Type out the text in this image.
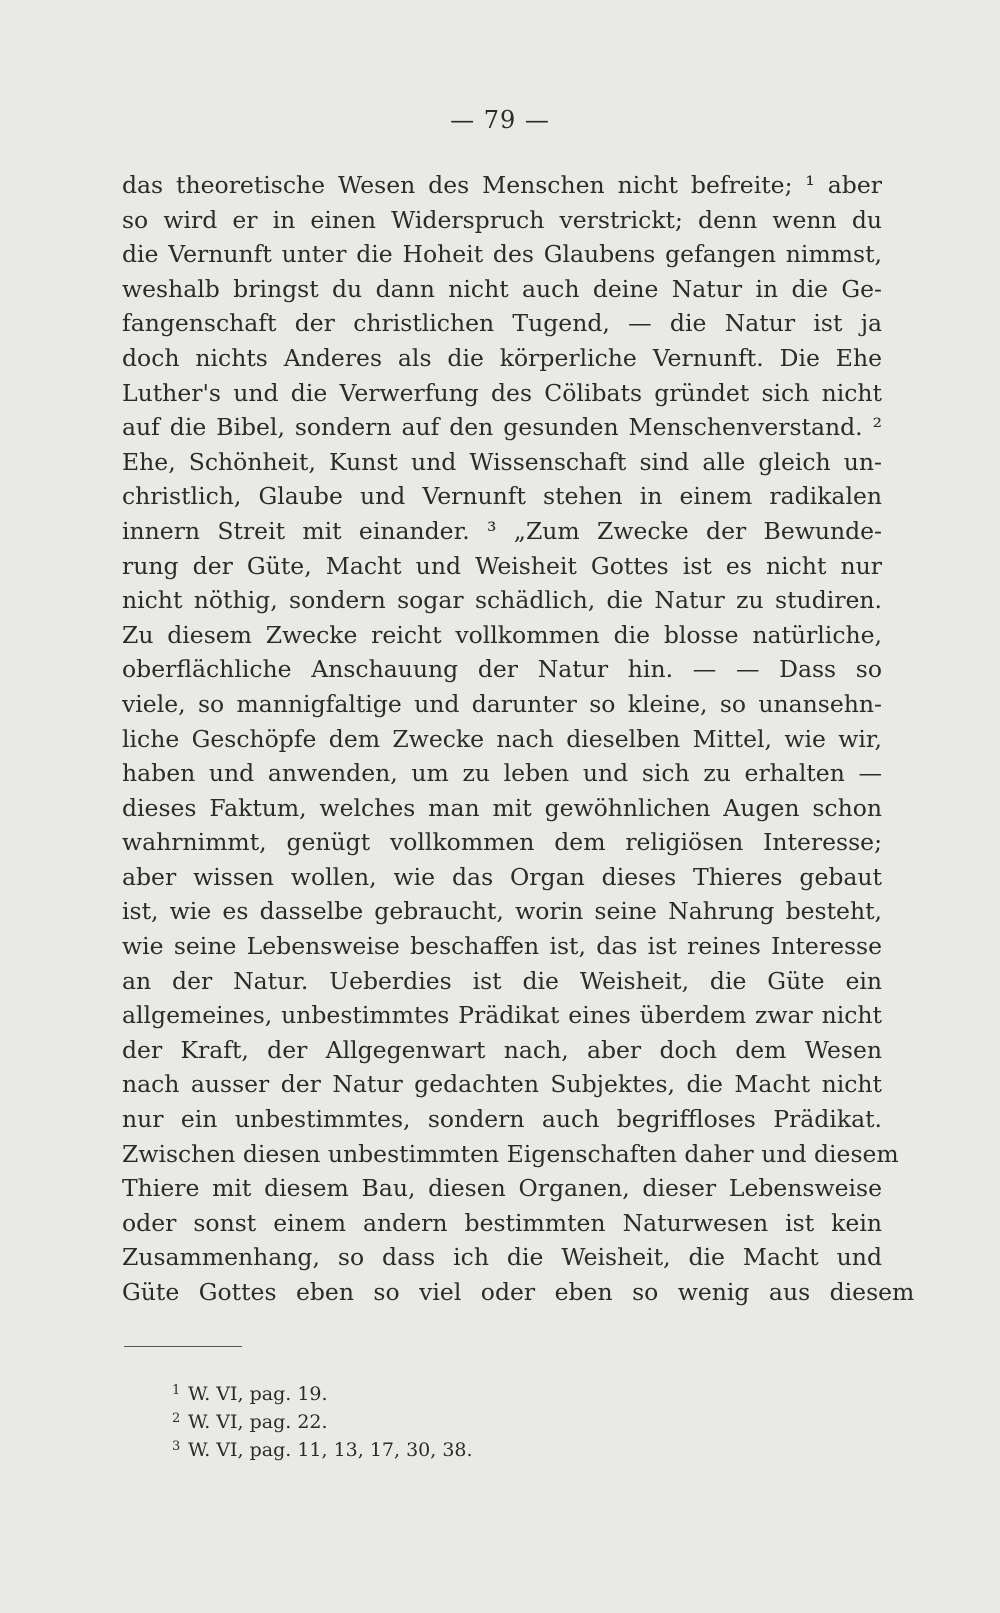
— 79 —
das theoretische Wesen des Menschen nicht befreite; ¹ aber
so wird er in einen Widerspruch verstrickt; denn wenn du
die Vernunft unter die Hoheit des Glaubens gefangen nimmst,
weshalb bringst du dann nicht auch deine Natur in die Ge-
fangenschaft der christlichen Tugend, — die Natur ist ja
doch nichts Anderes als die körperliche Vernunft. Die Ehe
Luther's und die Verwerfung des Cölibats gründet sich nicht
auf die Bibel, sondern auf den gesunden Menschenverstand. ²
Ehe, Schönheit, Kunst und Wissenschaft sind alle gleich un-
christlich, Glaube und Vernunft stehen in einem radikalen
innern Streit mit einander. ³ „Zum Zwecke der Bewunde-
rung der Güte, Macht und Weisheit Gottes ist es nicht nur
nicht nöthig, sondern sogar schädlich, die Natur zu studiren.
Zu diesem Zwecke reicht vollkommen die blosse natürliche,
oberflächliche Anschauung der Natur hin. — — Dass so
viele, so mannigfaltige und darunter so kleine, so unansehn-
liche Geschöpfe dem Zwecke nach dieselben Mittel, wie wir,
haben und anwenden, um zu leben und sich zu erhalten —
dieses Faktum, welches man mit gewöhnlichen Augen schon
wahrnimmt, genügt vollkommen dem religiösen Interesse;
aber wissen wollen, wie das Organ dieses Thieres gebaut
ist, wie es dasselbe gebraucht, worin seine Nahrung besteht,
wie seine Lebensweise beschaffen ist, das ist reines Interesse
an der Natur. Ueberdies ist die Weisheit, die Güte ein
allgemeines, unbestimmtes Prädikat eines überdem zwar nicht
der Kraft, der Allgegenwart nach, aber doch dem Wesen
nach ausser der Natur gedachten Subjektes, die Macht nicht
nur ein unbestimmtes, sondern auch begriffloses Prädikat.
Zwischen diesen unbestimmten Eigenschaften daher und diesem
Thiere mit diesem Bau, diesen Organen, dieser Lebensweise
oder sonst einem andern bestimmten Naturwesen ist kein
Zusammenhang, so dass ich die Weisheit, die Macht und
Güte Gottes eben so viel oder eben so wenig aus diesem
1 W. VI, pag. 19.
2 W. VI, pag. 22.
3 W. VI, pag. 11, 13, 17, 30, 38.
